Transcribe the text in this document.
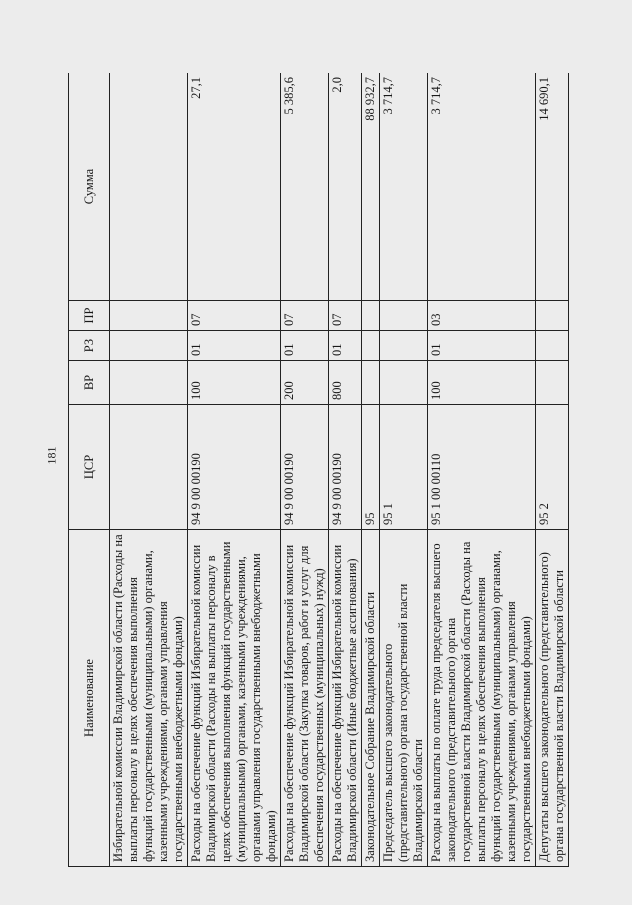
181
Наименование	ЦСР	ВР	РЗ	ПР	Сумма
Избирательной комиссии Владимирской области (Расходы на выплаты персоналу в целях обеспечения выполнения функций государственными (муниципальными) органами, казенными учреждениями, органами управления государственными внебюджетными фондами)					
Расходы на обеспечение функций Избирательной комиссии Владимирской области (Расходы на выплаты персоналу в целях обеспечения выполнения функций государственными (муниципальными) органами, казенными учреждениями, органами управления государственными внебюджетными фондами)	94 9 00 00190	100	01	07	27,1
Расходы на обеспечение функций Избирательной комиссии Владимирской области (Закупка товаров, работ и услуг для обеспечения государственных (муниципальных) нужд)	94 9 00 00190	200	01	07	5 385,6
Расходы на обеспечение функций Избирательной комиссии Владимирской области (Иные бюджетные ассигнования)	94 9 00 00190	800	01	07	2,0
Законодательное Собрание Владимирской области	95				88 932,7
Председатель высшего законодательного (представительного) органа государственной власти Владимирской области	95 1				3 714,7
Расходы на выплаты по оплате труда председателя высшего законодательного (представительного) органа государственной власти Владимирской области (Расходы на выплаты персоналу в целях обеспечения выполнения функций государственными (муниципальными) органами, казенными учреждениями, органами управления государственными внебюджетными фондами)	95 1 00 00110	100	01	03	3 714,7
Депутаты высшего законодательного (представительного) органа государственной власти Владимирской области	95 2				14 690,1
